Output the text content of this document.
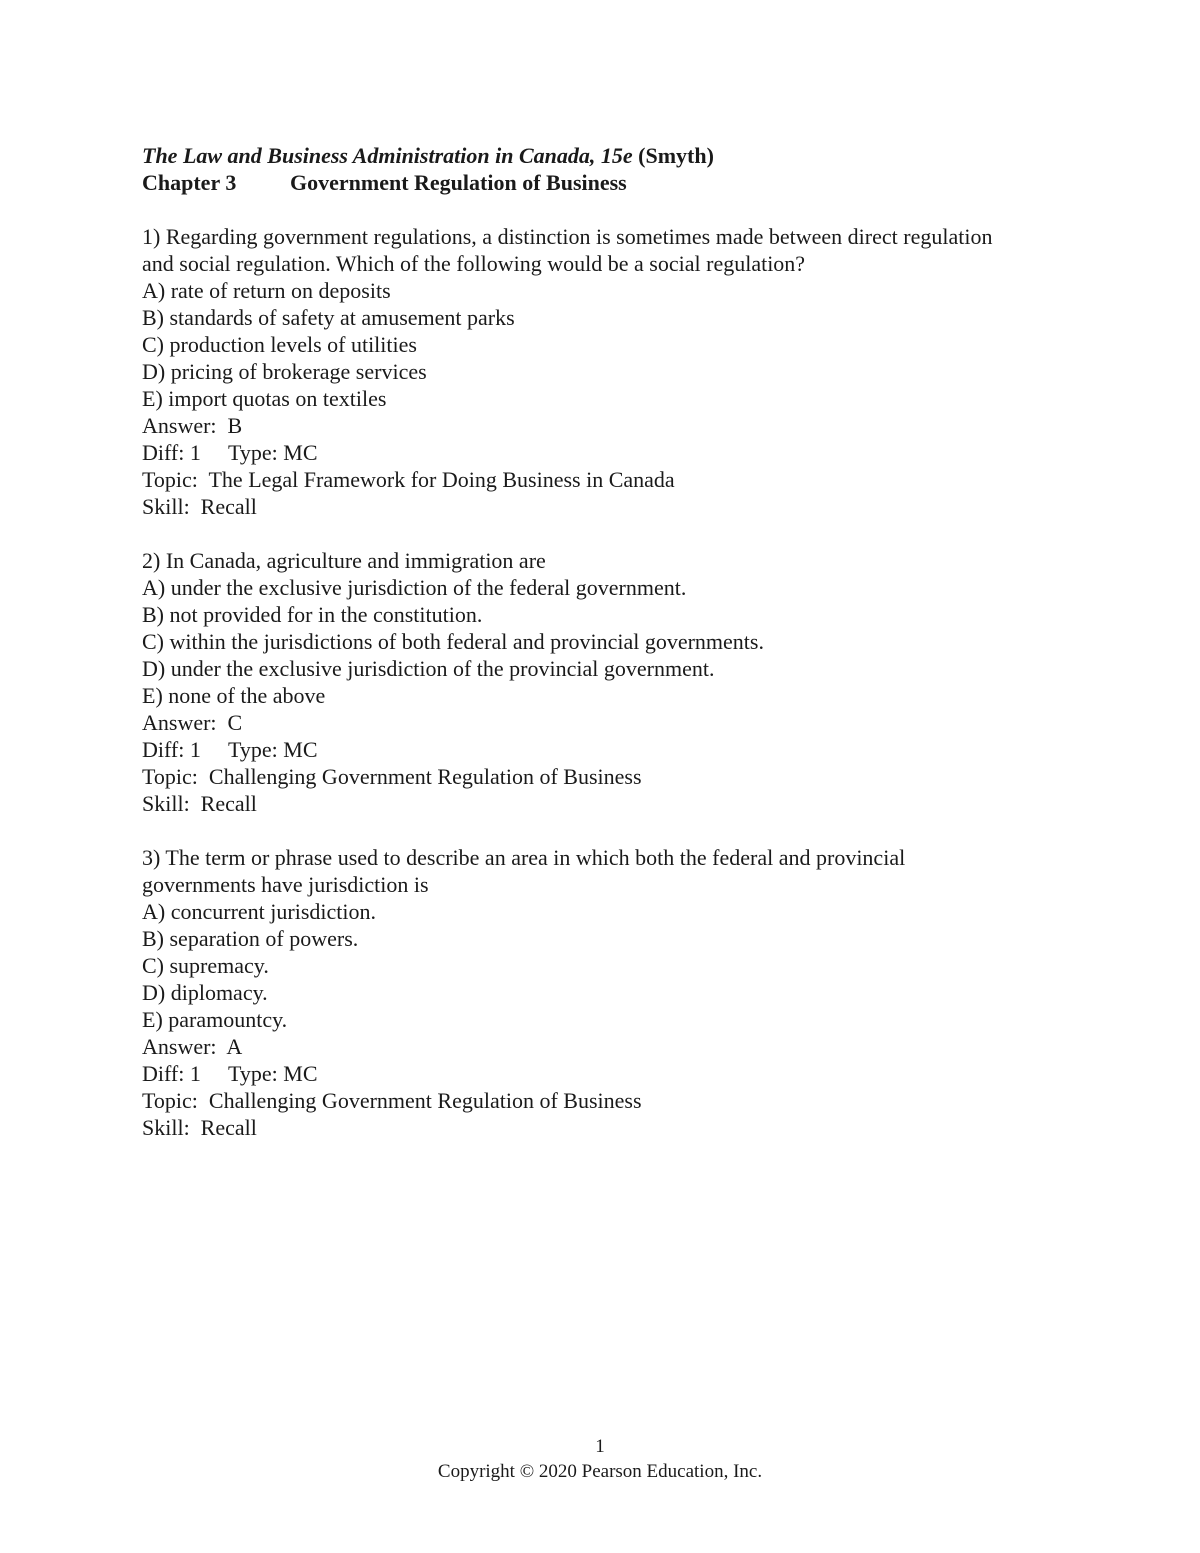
The Law and Business Administration in Canada, 15e (Smyth)
Chapter 3 Government Regulation of Business
1) Regarding government regulations, a distinction is sometimes made between direct regulation
and social regulation. Which of the following would be a social regulation?
A) rate of return on deposits
B) standards of safety at amusement parks
C) production levels of utilities
D) pricing of brokerage services
E) import quotas on textiles
Answer:  B
Diff: 1 Type: MC
Topic:  The Legal Framework for Doing Business in Canada
Skill:  Recall
2) In Canada, agriculture and immigration are
A) under the exclusive jurisdiction of the federal government.
B) not provided for in the constitution.
C) within the jurisdictions of both federal and provincial governments.
D) under the exclusive jurisdiction of the provincial government.
E) none of the above
Answer:  C
Diff: 1 Type: MC
Topic:  Challenging Government Regulation of Business
Skill:  Recall
3) The term or phrase used to describe an area in which both the federal and provincial
governments have jurisdiction is
A) concurrent jurisdiction.
B) separation of powers.
C) supremacy.
D) diplomacy.
E) paramountcy.
Answer:  A
Diff: 1 Type: MC
Topic:  Challenging Government Regulation of Business
Skill:  Recall
1
Copyright © 2020 Pearson Education, Inc.
